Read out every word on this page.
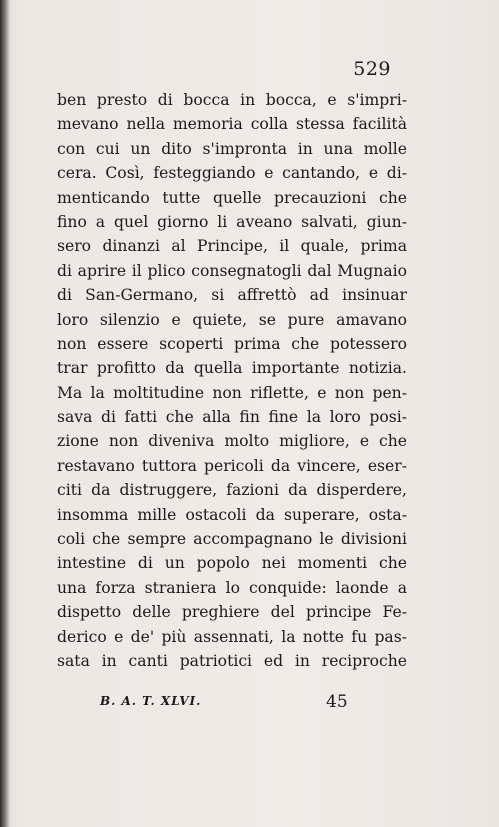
529
ben presto di bocca in bocca, e s'impri-
mevano nella memoria colla stessa facilità
con cui un dito s'impronta in una molle
cera. Così, festeggiando e cantando, e di-
menticando tutte quelle precauzioni che
fino a quel giorno li aveano salvati, giun-
sero dinanzi al Principe, il quale, prima
di aprire il plico consegnatogli dal Mugnaio
di San-Germano, si affrettò ad insinuar
loro silenzio e quiete, se pure amavano
non essere scoperti prima che potessero
trar profitto da quella importante notizia.
Ma la moltitudine non riflette, e non pen-
sava di fatti che alla fin fine la loro posi-
zione non diveniva molto migliore, e che
restavano tuttora pericoli da vincere, eser-
citi da distruggere, fazioni da disperdere,
insomma mille ostacoli da superare, osta-
coli che sempre accompagnano le divisioni
intestine di un popolo nei momenti che
una forza straniera lo conquide: laonde a
dispetto delle preghiere del principe Fe-
derico e de' più assennati, la notte fu pas-
sata in canti patriotici ed in reciproche
B. A. T. XLVI.	45
